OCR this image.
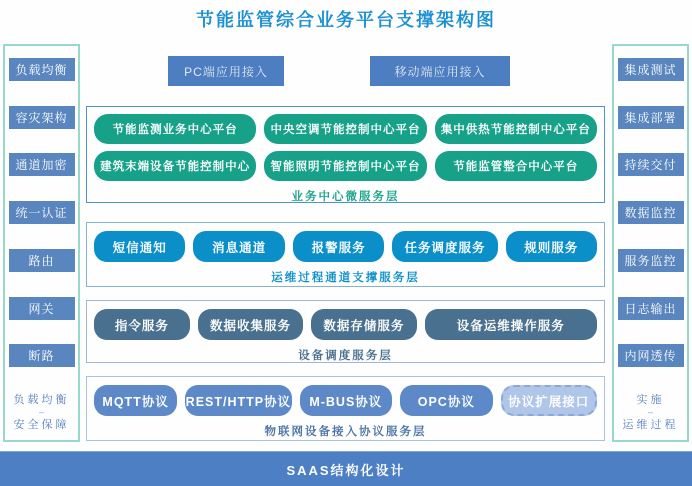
节能监管综合业务平台支撑架构图
负载均衡
容灾架构
通道加密
统一认证
路由
网关
断路
负载均衡
–
安全保障
集成测试
集成部署
持续交付
数据监控
服务监控
日志输出
内网透传
实施
–
运维过程
PC端应用接入	移动端应用接入
节能监测业务中心平台	中央空调节能控制中心平台	集中供热节能控制中心平台
建筑末端设备节能控制中心	智能照明节能控制中心平台	节能监管整合中心平台
业务中心微服务层
短信通知	消息通道	报警服务	任务调度服务	规则服务
运维过程通道支撑服务层
指令服务	数据收集服务	数据存储服务	设备运维操作服务
设备调度服务层
MQTT协议	REST/HTTP协议	M-BUS协议	OPC协议	协议扩展接口
物联网设备接入协议服务层
SAAS结构化设计
